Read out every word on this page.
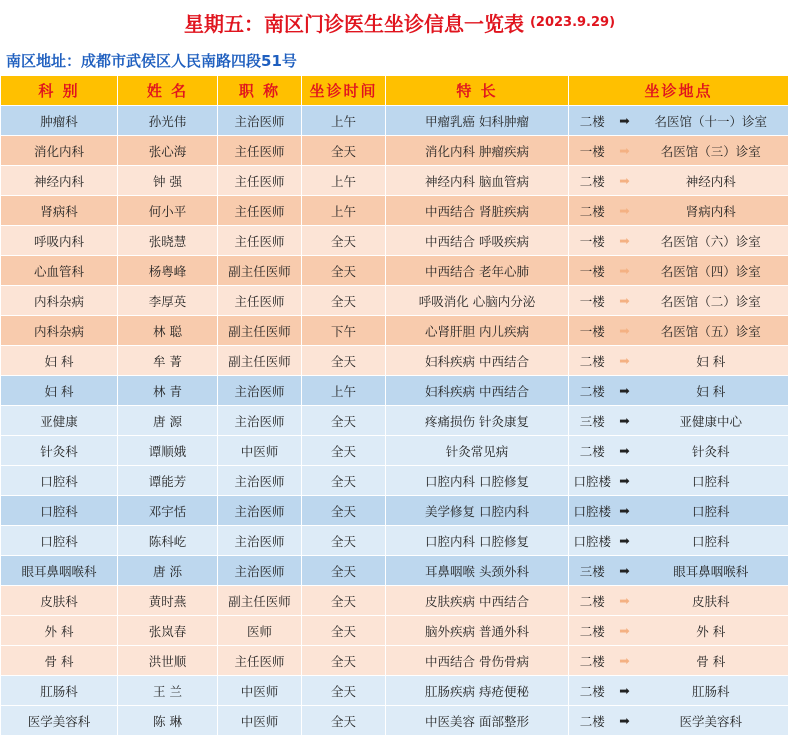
星期五：南区门诊医生坐诊信息一览表 (2023.9.29)
南区地址：成都市武侯区人民南路四段51号
科 别	姓 名	职 称	坐诊时间	特 长	坐诊地点		
肿瘤科	孙光伟	主治医师	上午	甲瘤乳癌 妇科肿瘤	二楼	➡	名医馆（十一）诊室
消化内科	张心海	主任医师	全天	消化内科 肿瘤疾病	一楼	➡	名医馆（三）诊室
神经内科	钟 强	主任医师	上午	神经内科 脑血管病	二楼	➡	神经内科
肾病科	何小平	主任医师	上午	中西结合 肾脏疾病	二楼	➡	肾病内科
呼吸内科	张晓慧	主任医师	全天	中西结合 呼吸疾病	一楼	➡	名医馆（六）诊室
心血管科	杨粤峰	副主任医师	全天	中西结合 老年心肺	一楼	➡	名医馆（四）诊室
内科杂病	李厚英	主任医师	全天	呼吸消化 心脑内分泌	一楼	➡	名医馆（二）诊室
内科杂病	林 聪	副主任医师	下午	心肾肝胆 内儿疾病	一楼	➡	名医馆（五）诊室
妇 科	牟 菁	副主任医师	全天	妇科疾病 中西结合	二楼	➡	妇 科
妇 科	林 青	主治医师	上午	妇科疾病 中西结合	二楼	➡	妇 科
亚健康	唐 源	主治医师	全天	疼痛损伤 针灸康复	三楼	➡	亚健康中心
针灸科	谭顺娥	中医师	全天	针灸常见病	二楼	➡	针灸科
口腔科	谭能芳	主治医师	全天	口腔内科 口腔修复	口腔楼	➡	口腔科
口腔科	邓宇恬	主治医师	全天	美学修复 口腔内科	口腔楼	➡	口腔科
口腔科	陈科屹	主治医师	全天	口腔内科 口腔修复	口腔楼	➡	口腔科
眼耳鼻咽喉科	唐 泺	主治医师	全天	耳鼻咽喉 头颈外科	三楼	➡	眼耳鼻咽喉科
皮肤科	黄时燕	副主任医师	全天	皮肤疾病 中西结合	二楼	➡	皮肤科
外 科	张岚春	医师	全天	脑外疾病 普通外科	二楼	➡	外 科
骨 科	洪世顺	主任医师	全天	中西结合 骨伤骨病	二楼	➡	骨 科
肛肠科	王 兰	中医师	全天	肛肠疾病 痔疮便秘	二楼	➡	肛肠科
医学美容科	陈 琳	中医师	全天	中医美容 面部整形	二楼	➡	医学美容科
